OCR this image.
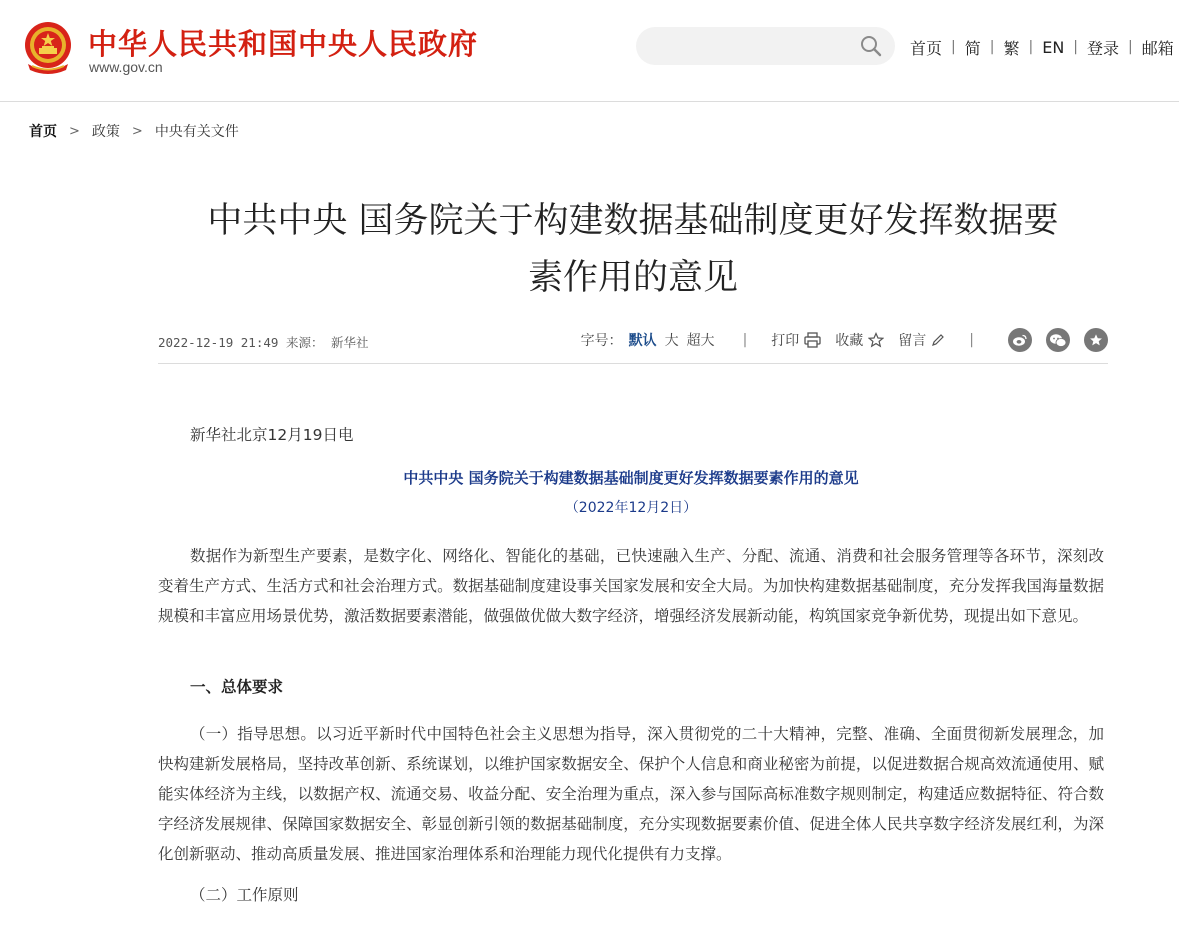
中华人民共和国中央人民政府
www.gov.cn
首页 | 简 | 繁 | EN | 登录 | 邮箱
首页 > 政策 > 中央有关文件
中共中央 国务院关于构建数据基础制度更好发挥数据要
素作用的意见
2022-12-19 21:49 来源： 新华社	字号： 默认 大 超大 | 打印	收藏	留言	|
新华社北京12月19日电
中共中央 国务院关于构建数据基础制度更好发挥数据要素作用的意见
（2022年12月2日）
数据作为新型生产要素，是数字化、网络化、智能化的基础，已快速融入生产、分配、流通、消费和社会服务管理等各环节，深刻改变着生产方式、生活方式和社会治理方式。数据基础制度建设事关国家发展和安全大局。为加快构建数据基础制度，充分发挥我国海量数据规模和丰富应用场景优势，激活数据要素潜能，做强做优做大数字经济，增强经济发展新动能，构筑国家竞争新优势，现提出如下意见。
一、总体要求
（一）指导思想。以习近平新时代中国特色社会主义思想为指导，深入贯彻党的二十大精神，完整、准确、全面贯彻新发展理念，加快构建新发展格局，坚持改革创新、系统谋划，以维护国家数据安全、保护个人信息和商业秘密为前提，以促进数据合规高效流通使用、赋能实体经济为主线，以数据产权、流通交易、收益分配、安全治理为重点，深入参与国际高标准数字规则制定，构建适应数据特征、符合数字经济发展规律、保障国家数据安全、彰显创新引领的数据基础制度，充分实现数据要素价值、促进全体人民共享数字经济发展红利，为深化创新驱动、推动高质量发展、推进国家治理体系和治理能力现代化提供有力支撑。
（二）工作原则
